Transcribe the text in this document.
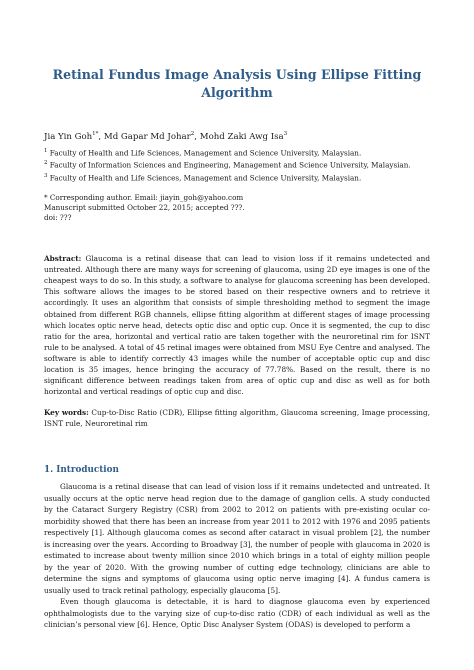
Retinal Fundus Image Analysis Using Ellipse Fitting Algorithm

Jia Yin Goh$^{1*}$, Md Gapar Md Johar$^2$, Mohd Zaki Awg Isa$^3$

$^1$ Faculty of Health and Life Sciences, Management and Science University, Malaysian.

$^2$ Faculty of Information Sciences and Engineering, Management and Science University, Malaysian.

$^3$ Faculty of Health and Life Sciences, Management and Science University, Malaysian.

* Corresponding author. Email: jiayin_goh@yahoo.com

Manuscript submitted October 22, 2015; accepted ???.

doi: ???

Abstract: Glaucoma is a retinal disease that can lead to vision loss if it remains undetected and untreated. Although there are many ways for screening of glaucoma, using 2D eye images is one of the cheapest ways to do so. In this study, a software to analyse for glaucoma screening has been developed. This software allows the images to be stored based on their respective owners and to retrieve it accordingly. It uses an algorithm that consists of simple thresholding method to segment the image obtained from different RGB channels, ellipse fitting algorithm at different stages of image processing which locates optic nerve head, detects optic disc and optic cup. Once it is segmented, the cup to disc ratio for the area, horizontal and vertical ratio are taken together with the neuroretinal rim for ISNT rule to be analysed. A total of 45 retinal images were obtained from MSU Eye Centre and analysed. The software is able to identify correctly 43 images while the number of acceptable optic cup and disc location is 35 images, hence bringing the accuracy of 77.78%. Based on the result, there is no significant difference between readings taken from area of optic cup and disc as well as for both horizontal and vertical readings of optic cup and disc.

Key words: Cup-to-Disc Ratio (CDR), Ellipse fitting algorithm, Glaucoma screening, Image processing, ISNT rule, Neuroretinal rim

1. Introduction

Glaucoma is a retinal disease that can lead of vision loss if it remains undetected and untreated. It usually occurs at the optic nerve head region due to the damage of ganglion cells. A study conducted by the Cataract Surgery Registry (CSR) from 2002 to 2012 on patients with pre-existing ocular co-morbidity showed that there has been an increase from year 2011 to 2012 with 1976 and 2095 patients respectively [1]. Although glaucoma comes as second after cataract in visual problem [2], the number is increasing over the years. According to Broadway [3], the number of people with glaucoma in 2020 is estimated to increase about twenty million since 2010 which brings in a total of eighty million people by the year of 2020. With the growing number of cutting edge technology, clinicians are able to determine the signs and symptoms of glaucoma using optic nerve imaging [4]. A fundus camera is usually used to track retinal pathology, especially glaucoma [5].

Even though glaucoma is detectable, it is hard to diagnose glaucoma even by experienced ophthalmologists due to the varying size of cup-to-disc ratio (CDR) of each individual as well as the clinician’s personal view [6]. Hence, Optic Disc Analyser System (ODAS) is developed to perform a
